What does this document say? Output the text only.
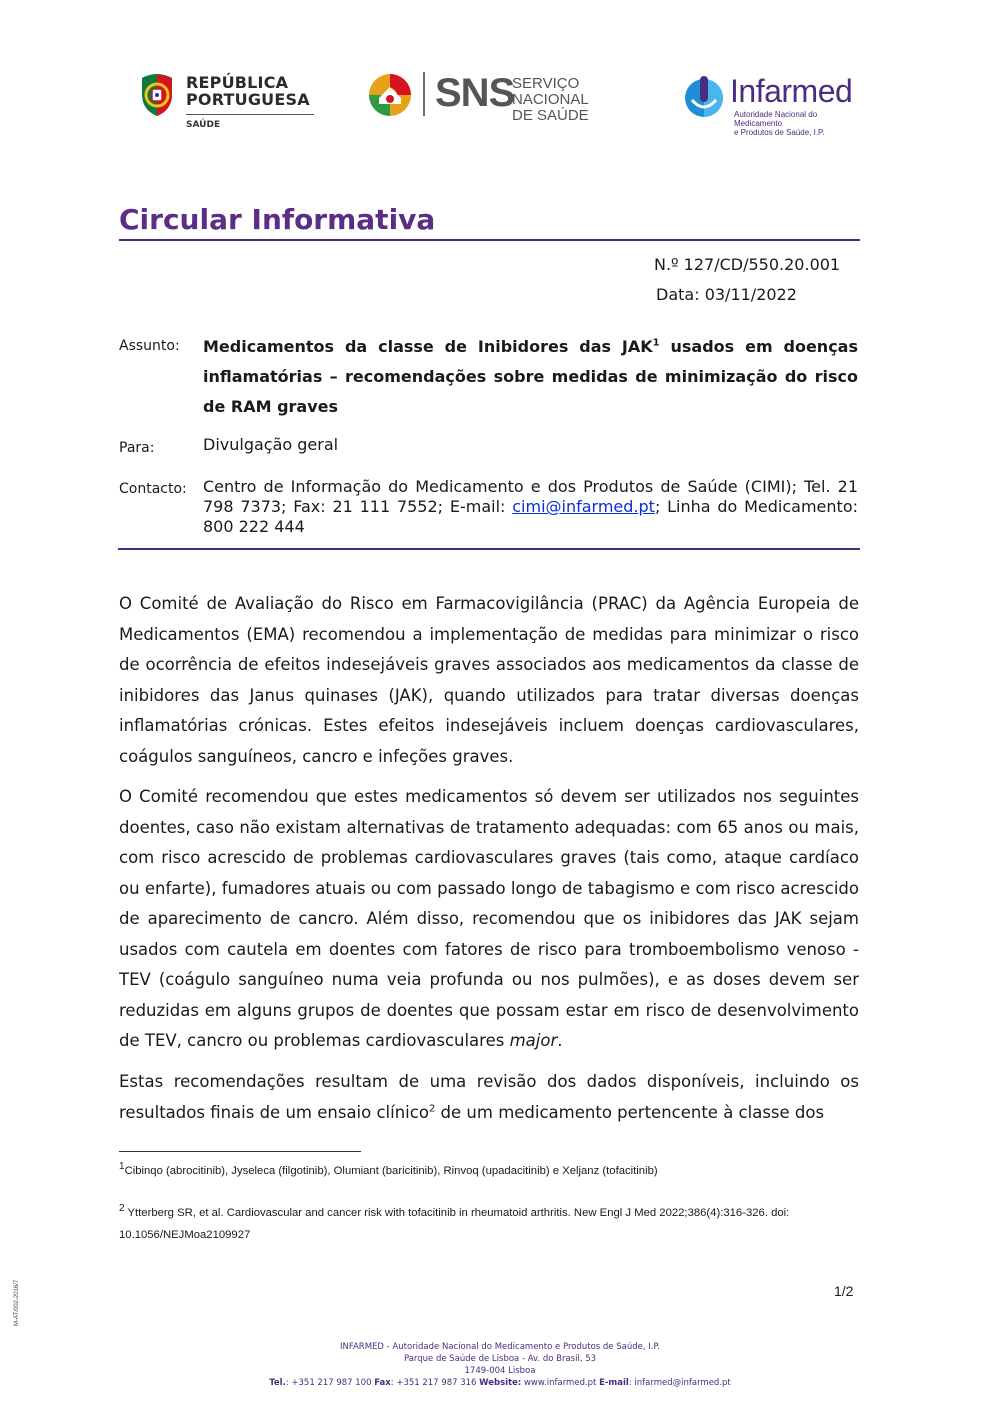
REPÚBLICA
PORTUGUESA
SAÚDE
SNS
SERVIÇO NACIONAL
DE SAÚDE
Infarmed
Autoridade Nacional do Medicamento
e Produtos de Saúde, I.P.
Circular Informativa
N.º 127/CD/550.20.001
Data: 03/11/2022
Assunto: Medicamentos da classe de Inibidores das JAK$^1$ usados em doenças inflamatórias – recomendações sobre medidas de minimização do risco de RAM graves
Para:	Divulgação geral
Contacto: Centro de Informação do Medicamento e dos Produtos de Saúde (CIMI); Tel. 21 798 7373; Fax: 21 111 7552; E-mail: cimi@infarmed.pt; Linha do Medicamento: 800 222 444
O Comité de Avaliação do Risco em Farmacovigilância (PRAC) da Agência Europeia de Medicamentos (EMA) recomendou a implementação de medidas para minimizar o risco de ocorrência de efeitos indesejáveis graves associados aos medicamentos da classe de inibidores das Janus quinases (JAK), quando utilizados para tratar diversas doenças inflamatórias crónicas. Estes efeitos indesejáveis incluem doenças cardiovasculares, coágulos sanguíneos, cancro e infeções graves.
O Comité recomendou que estes medicamentos só devem ser utilizados nos seguintes doentes, caso não existam alternativas de tratamento adequadas: com 65 anos ou mais, com risco acrescido de problemas cardiovasculares graves (tais como, ataque cardíaco ou enfarte), fumadores atuais ou com passado longo de tabagismo e com risco acrescido de aparecimento de cancro. Além disso, recomendou que os inibidores das JAK sejam usados com cautela em doentes com fatores de risco para tromboembolismo venoso - TEV (coágulo sanguíneo numa veia profunda ou nos pulmões), e as doses devem ser reduzidas em alguns grupos de doentes que possam estar em risco de desenvolvimento de TEV, cancro ou problemas cardiovasculares major.
Estas recomendações resultam de uma revisão dos dados disponíveis, incluindo os resultados finais de um ensaio clínico$^2$ de um medicamento pertencente à classe dos
$^1$Cibinqo (abrocitinib), Jyseleca (filgotinib), Olumiant (baricitinib), Rinvoq (upadacitinib) e Xeljanz (tofacitinib)
$^2$ Ytterberg SR, et al. Cardiovascular and cancer risk with tofacitinib in rheumatoid arthritis. New Engl J Med 2022;386(4):316-326. doi: 10.1056/NEJMoa2109927
1/2
M-AT/002-2016/7
INFARMED - Autoridade Nacional do Medicamento e Produtos de Saúde, I.P.
Parque de Saúde de Lisboa - Av. do Brasil, 53
1749-004 Lisboa
Tel.: +351 217 987 100 Fax: +351 217 987 316 Website: www.infarmed.pt E-mail: infarmed@infarmed.pt
